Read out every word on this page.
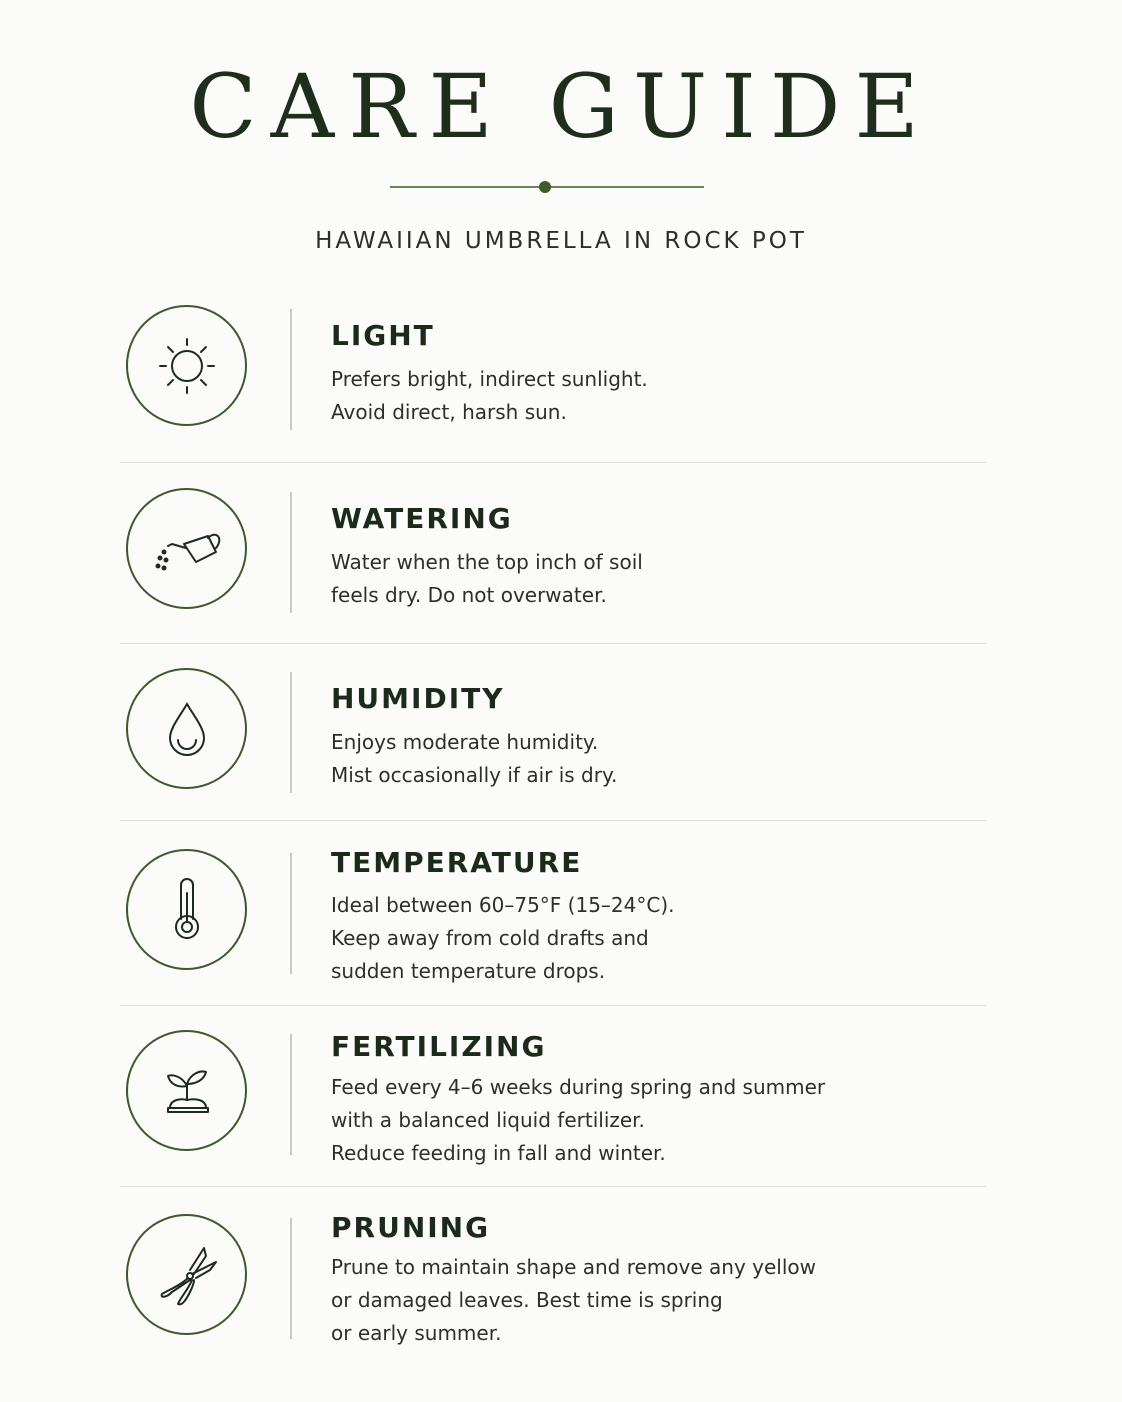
CARE GUIDE
HAWAIIAN UMBRELLA IN ROCK POT
LIGHT
Prefers bright, indirect sunlight.
Avoid direct, harsh sun.
WATERING
Water when the top inch of soil
feels dry. Do not overwater.
HUMIDITY
Enjoys moderate humidity.
Mist occasionally if air is dry.
TEMPERATURE
Ideal between 60–75°F (15–24°C).
Keep away from cold drafts and
sudden temperature drops.
FERTILIZING
Feed every 4–6 weeks during spring and summer
with a balanced liquid fertilizer.
Reduce feeding in fall and winter.
PRUNING
Prune to maintain shape and remove any yellow
or damaged leaves. Best time is spring
or early summer.
